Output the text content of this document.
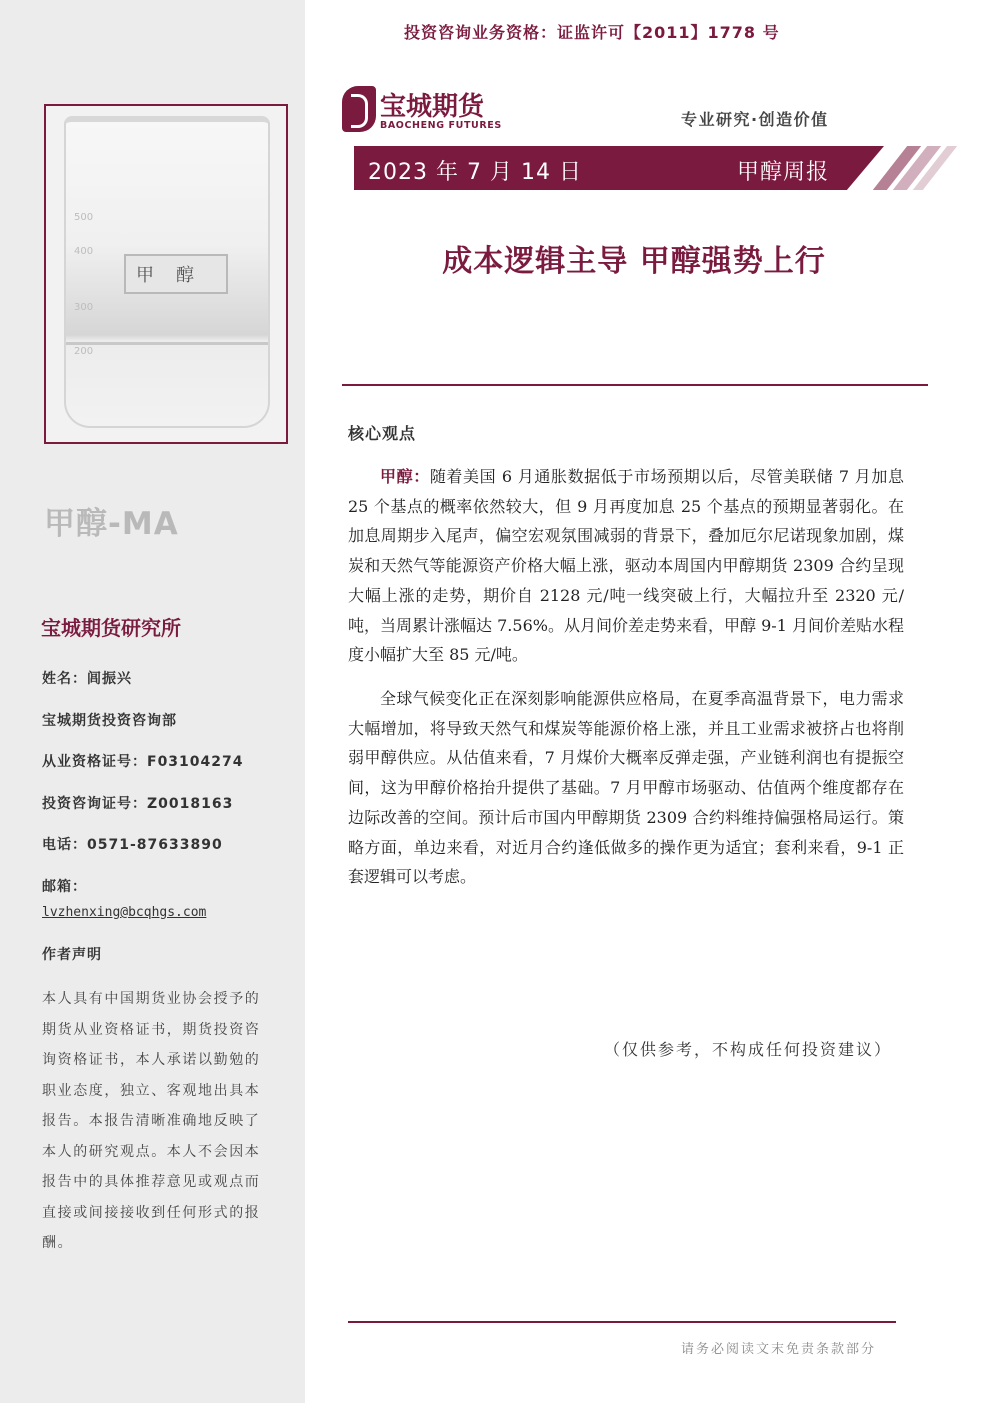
500
400
300
200
甲醇
甲醇-MA
宝城期货研究所
姓名：闾振兴
宝城期货投资咨询部
从业资格证号：F03104274
投资咨询证号：Z0018163
电话：0571-87633890
邮箱：
lvzhenxing@bcqhgs.com
作者声明
本人具有中国期货业协会授予的期货从业资格证书，期货投资咨询资格证书，本人承诺以勤勉的职业态度，独立、客观地出具本报告。本报告清晰准确地反映了本人的研究观点。本人不会因本报告中的具体推荐意见或观点而直接或间接接收到任何形式的报酬。
投资咨询业务资格：证监许可【2011】1778 号
宝城期货
BAOCHENG FUTURES	专业研究·创造价值
2023 年 7 月 14 日	甲醇周报
成本逻辑主导 甲醇强势上行
核心观点

甲醇：随着美国 6 月通胀数据低于市场预期以后，尽管美联储 7 月加息 25 个基点的概率依然较大，但 9 月再度加息 25 个基点的预期显著弱化。在加息周期步入尾声，偏空宏观氛围减弱的背景下，叠加厄尔尼诺现象加剧，煤炭和天然气等能源资产价格大幅上涨，驱动本周国内甲醇期货 2309 合约呈现大幅上涨的走势，期价自 2128 元/吨一线突破上行，大幅拉升至 2320 元/吨，当周累计涨幅达 7.56%。从月间价差走势来看，甲醇 9-1 月间价差贴水程度小幅扩大至 85 元/吨。

全球气候变化正在深刻影响能源供应格局，在夏季高温背景下，电力需求大幅增加，将导致天然气和煤炭等能源价格上涨，并且工业需求被挤占也将削弱甲醇供应。从估值来看，7 月煤价大概率反弹走强，产业链利润也有提振空间，这为甲醇价格抬升提供了基础。7 月甲醇市场驱动、估值两个维度都存在边际改善的空间。预计后市国内甲醇期货 2309 合约料维持偏强格局运行。策略方面，单边来看，对近月合约逢低做多的操作更为适宜；套利来看，9-1 正套逻辑可以考虑。

（仅供参考，不构成任何投资建议）
请务必阅读文末免责条款部分
